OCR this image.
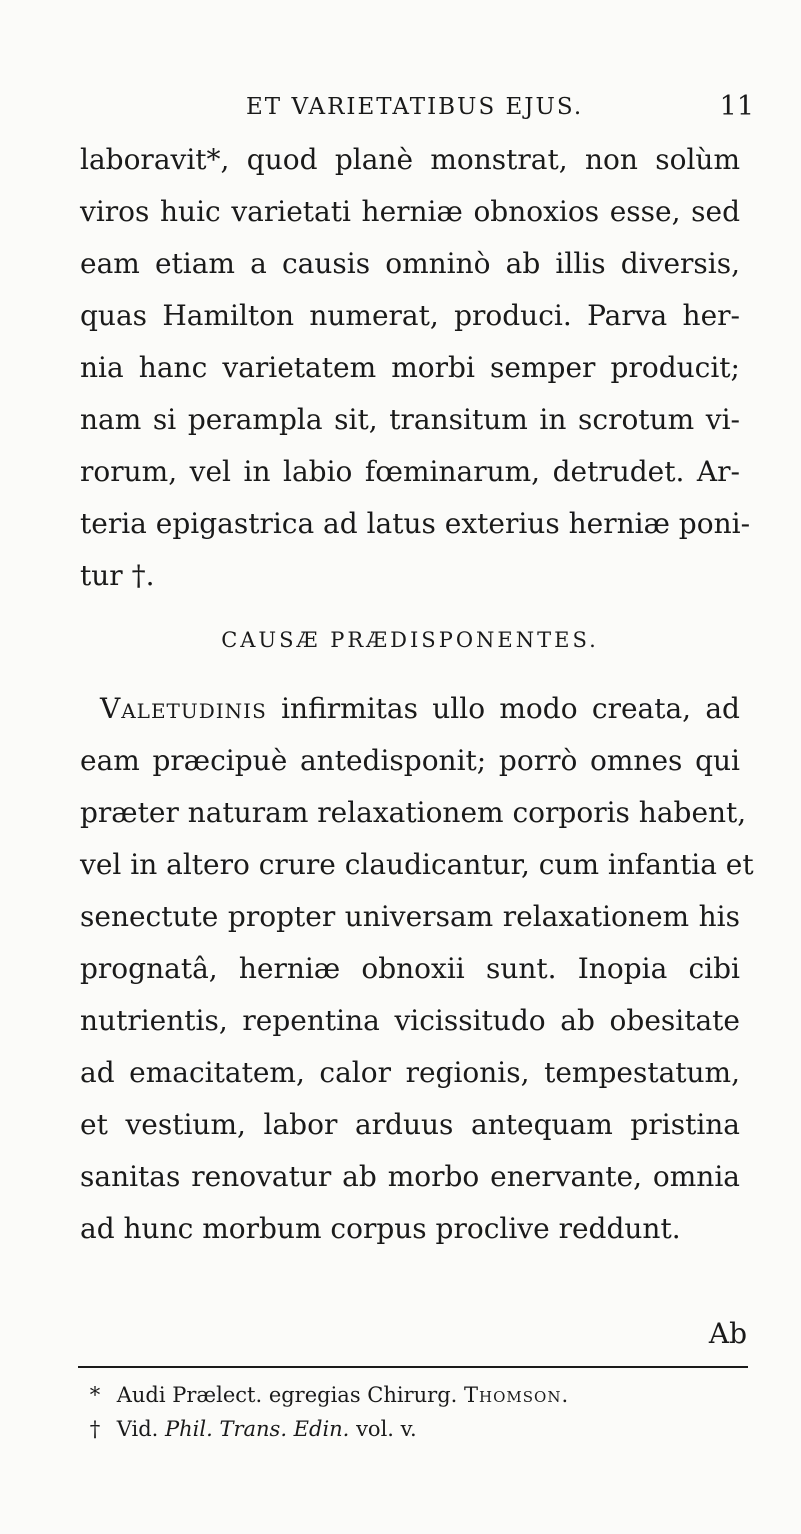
ET VARIETATIBUS EJUS.	11
laboravit*, quod planè monstrat, non solùm
viros huic varietati herniæ obnoxios esse, sed
eam etiam a causis omninò ab illis diversis,
quas Hamilton numerat, produci. Parva her-
nia hanc varietatem morbi semper producit;
nam si perampla sit, transitum in scrotum vi-
rorum, vel in labio fœminarum, detrudet. Ar-
teria epigastrica ad latus exterius herniæ poni-
tur †.
CAUSÆ PRÆDISPONENTES.
Valetudinis infirmitas ullo modo creata, ad
eam præcipuè antedisponit; porrò omnes qui
præter naturam relaxationem corporis habent,
vel in altero crure claudicantur, cum infantia et
senectute propter universam relaxationem his
prognatâ, herniæ obnoxii sunt. Inopia cibi
nutrientis, repentina vicissitudo ab obesitate
ad emacitatem, calor regionis, tempestatum,
et vestium, labor arduus antequam pristina
sanitas renovatur ab morbo enervante, omnia
ad hunc morbum corpus proclive reddunt.
Ab
* Audi Prælect. egregias Chirurg. Thomson.
† Vid. Phil. Trans. Edin. vol. v.
